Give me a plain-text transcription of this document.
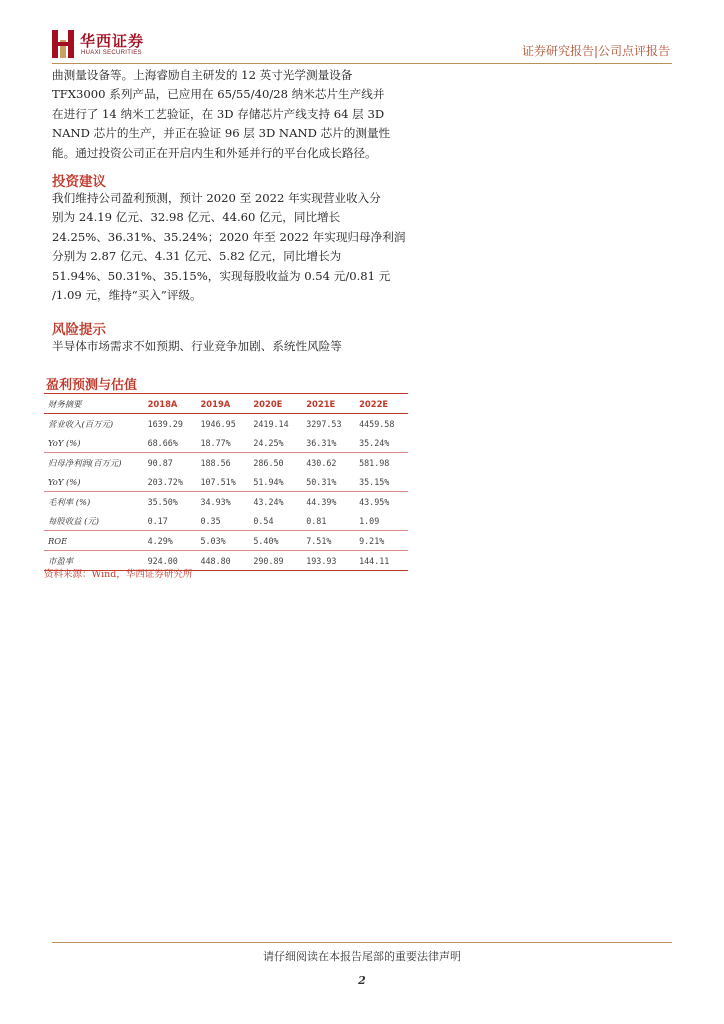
华西证券
HUAXI SECURITIES	证券研究报告|公司点评报告

曲测量设备等。上海睿励自主研发的 12 英寸光学测量设备

TFX3000 系列产品，已应用在 65/55/40/28 纳米芯片生产线并

在进行了 14 纳米工艺验证，在 3D 存储芯片产线支持 64 层 3D

NAND 芯片的生产，并正在验证 96 层 3D NAND 芯片的测量性

能。通过投资公司正在开启内生和外延并行的平台化成长路径。

投资建议

我们维持公司盈利预测，预计 2020 至 2022 年实现营业收入分

别为 24.19 亿元、32.98 亿元、44.60 亿元，同比增长

24.25%、36.31%、35.24%；2020 年至 2022 年实现归母净利润

分别为 2.87 亿元、4.31 亿元、5.82 亿元，同比增长为

51.94%、50.31%、35.15%，实现每股收益为 0.54 元/0.81 元

/1.09 元，维持“买入”评级。

风险提示
半导体市场需求不如预期、行业竞争加剧、系统性风险等
盈利预测与估值
财务摘要	2018A	2019A	2020E	2021E	2022E
营业收入(百万元)	1639.29	1946.95	2419.14	3297.53	4459.58
YoY (%)	68.66%	18.77%	24.25%	36.31%	35.24%
归母净利润(百万元)	90.87	188.56	286.50	430.62	581.98
YoY (%)	203.72%	107.51%	51.94%	50.31%	35.15%
毛利率 (%)	35.50%	34.93%	43.24%	44.39%	43.95%
每股收益 (元)	0.17	0.35	0.54	0.81	1.09
ROE	4.29%	5.03%	5.40%	7.51%	9.21%
市盈率	924.00	448.80	290.89	193.93	144.11
资料来源：Wind，华西证券研究所
请仔细阅读在本报告尾部的重要法律声明
2
